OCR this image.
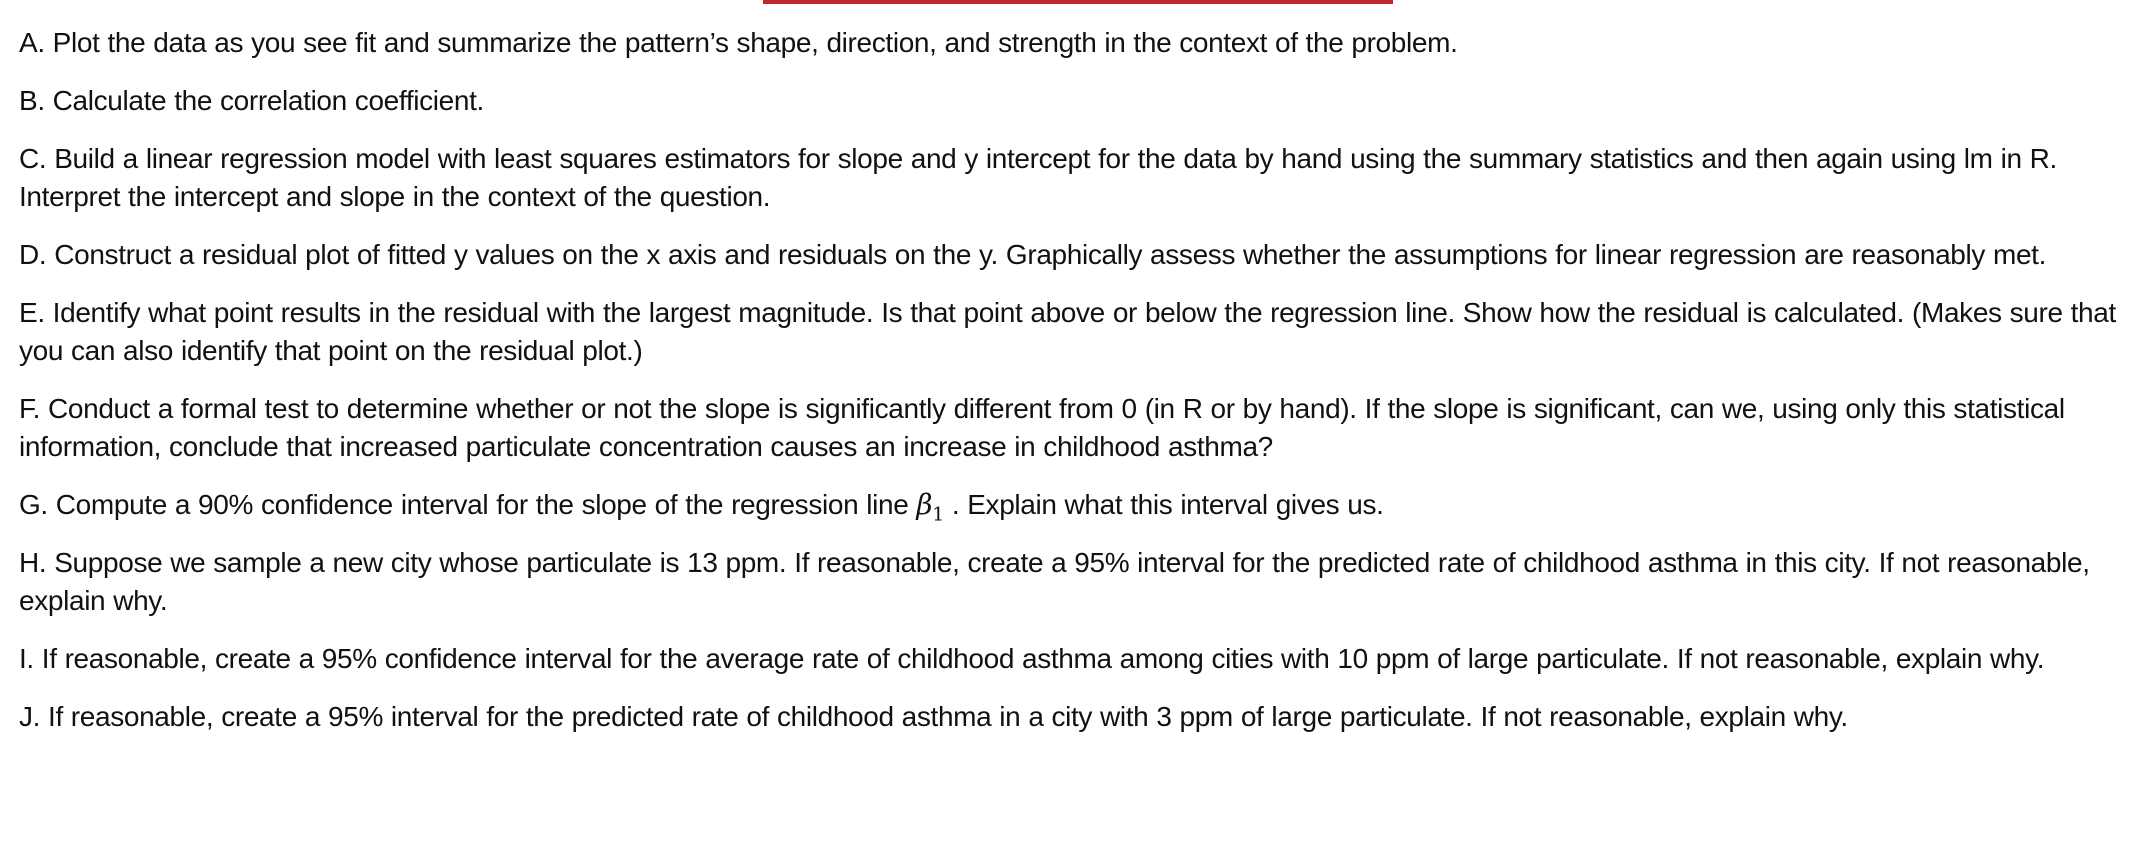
A. Plot the data as you see fit and summarize the pattern’s shape, direction, and strength in the context of the problem.
B. Calculate the correlation coefficient.
C. Build a linear regression model with least squares estimators for slope and y intercept for the data by hand using the summary statistics and then again using lm in R. Interpret the intercept and slope in the context of the question.
D. Construct a residual plot of fitted y values on the x axis and residuals on the y. Graphically assess whether the assumptions for linear regression are reasonably met.
E. Identify what point results in the residual with the largest magnitude. Is that point above or below the regression line. Show how the residual is calculated. (Makes sure that you can also identify that point on the residual plot.)
F. Conduct a formal test to determine whether or not the slope is significantly different from 0 (in R or by hand). If the slope is significant, can we, using only this statistical information, conclude that increased particulate concentration causes an increase in childhood asthma?
G. Compute a 90% confidence interval for the slope of the regression line $\beta_1$ . Explain what this interval gives us.
H. Suppose we sample a new city whose particulate is 13 ppm. If reasonable, create a 95% interval for the predicted rate of childhood asthma in this city. If not reasonable, explain why.
I. If reasonable, create a 95% confidence interval for the average rate of childhood asthma among cities with 10 ppm of large particulate. If not reasonable, explain why.
J. If reasonable, create a 95% interval for the predicted rate of childhood asthma in a city with 3 ppm of large particulate. If not reasonable, explain why.
